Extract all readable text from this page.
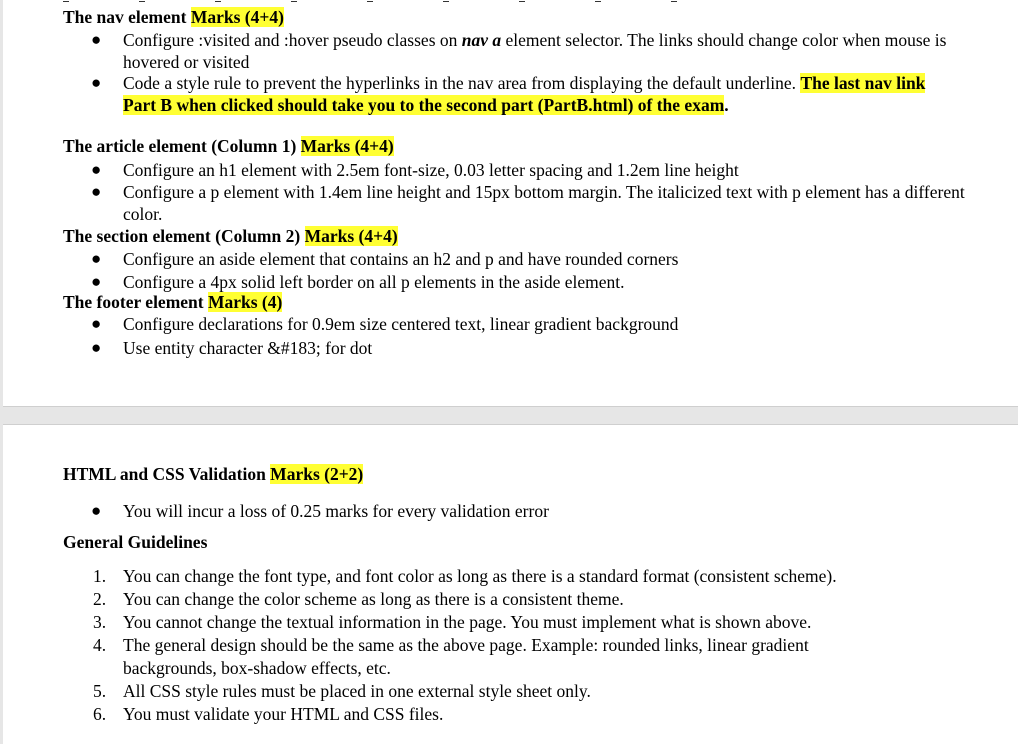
The nav element Marks (4+4)
● Configure :visited and :hover pseudo classes on nav a element selector. The links should change color when mouse is
hovered or visited
● Code a style rule to prevent the hyperlinks in the nav area from displaying the default underline. The last nav link
Part B when clicked should take you to the second part (PartB.html) of the exam.
The article element (Column 1) Marks (4+4)
● Configure an h1 element with 2.5em font-size, 0.03 letter spacing and 1.2em line height
● Configure a p element with 1.4em line height and 15px bottom margin. The italicized text with p element has a different
color.
The section element (Column 2) Marks (4+4)
● Configure an aside element that contains an h2 and p and have rounded corners
● Configure a 4px solid left border on all p elements in the aside element.
The footer element Marks (4)
● Configure declarations for 0.9em size centered text, linear gradient background
● Use entity character &#183; for dot
HTML and CSS Validation Marks (2+2)
● You will incur a loss of 0.25 marks for every validation error
General Guidelines
1. You can change the font type, and font color as long as there is a standard format (consistent scheme).
2. You can change the color scheme as long as there is a consistent theme.
3. You cannot change the textual information in the page. You must implement what is shown above.
4. The general design should be the same as the above page. Example: rounded links, linear gradient
backgrounds, box-shadow effects, etc.
5. All CSS style rules must be placed in one external style sheet only.
6. You must validate your HTML and CSS files.
